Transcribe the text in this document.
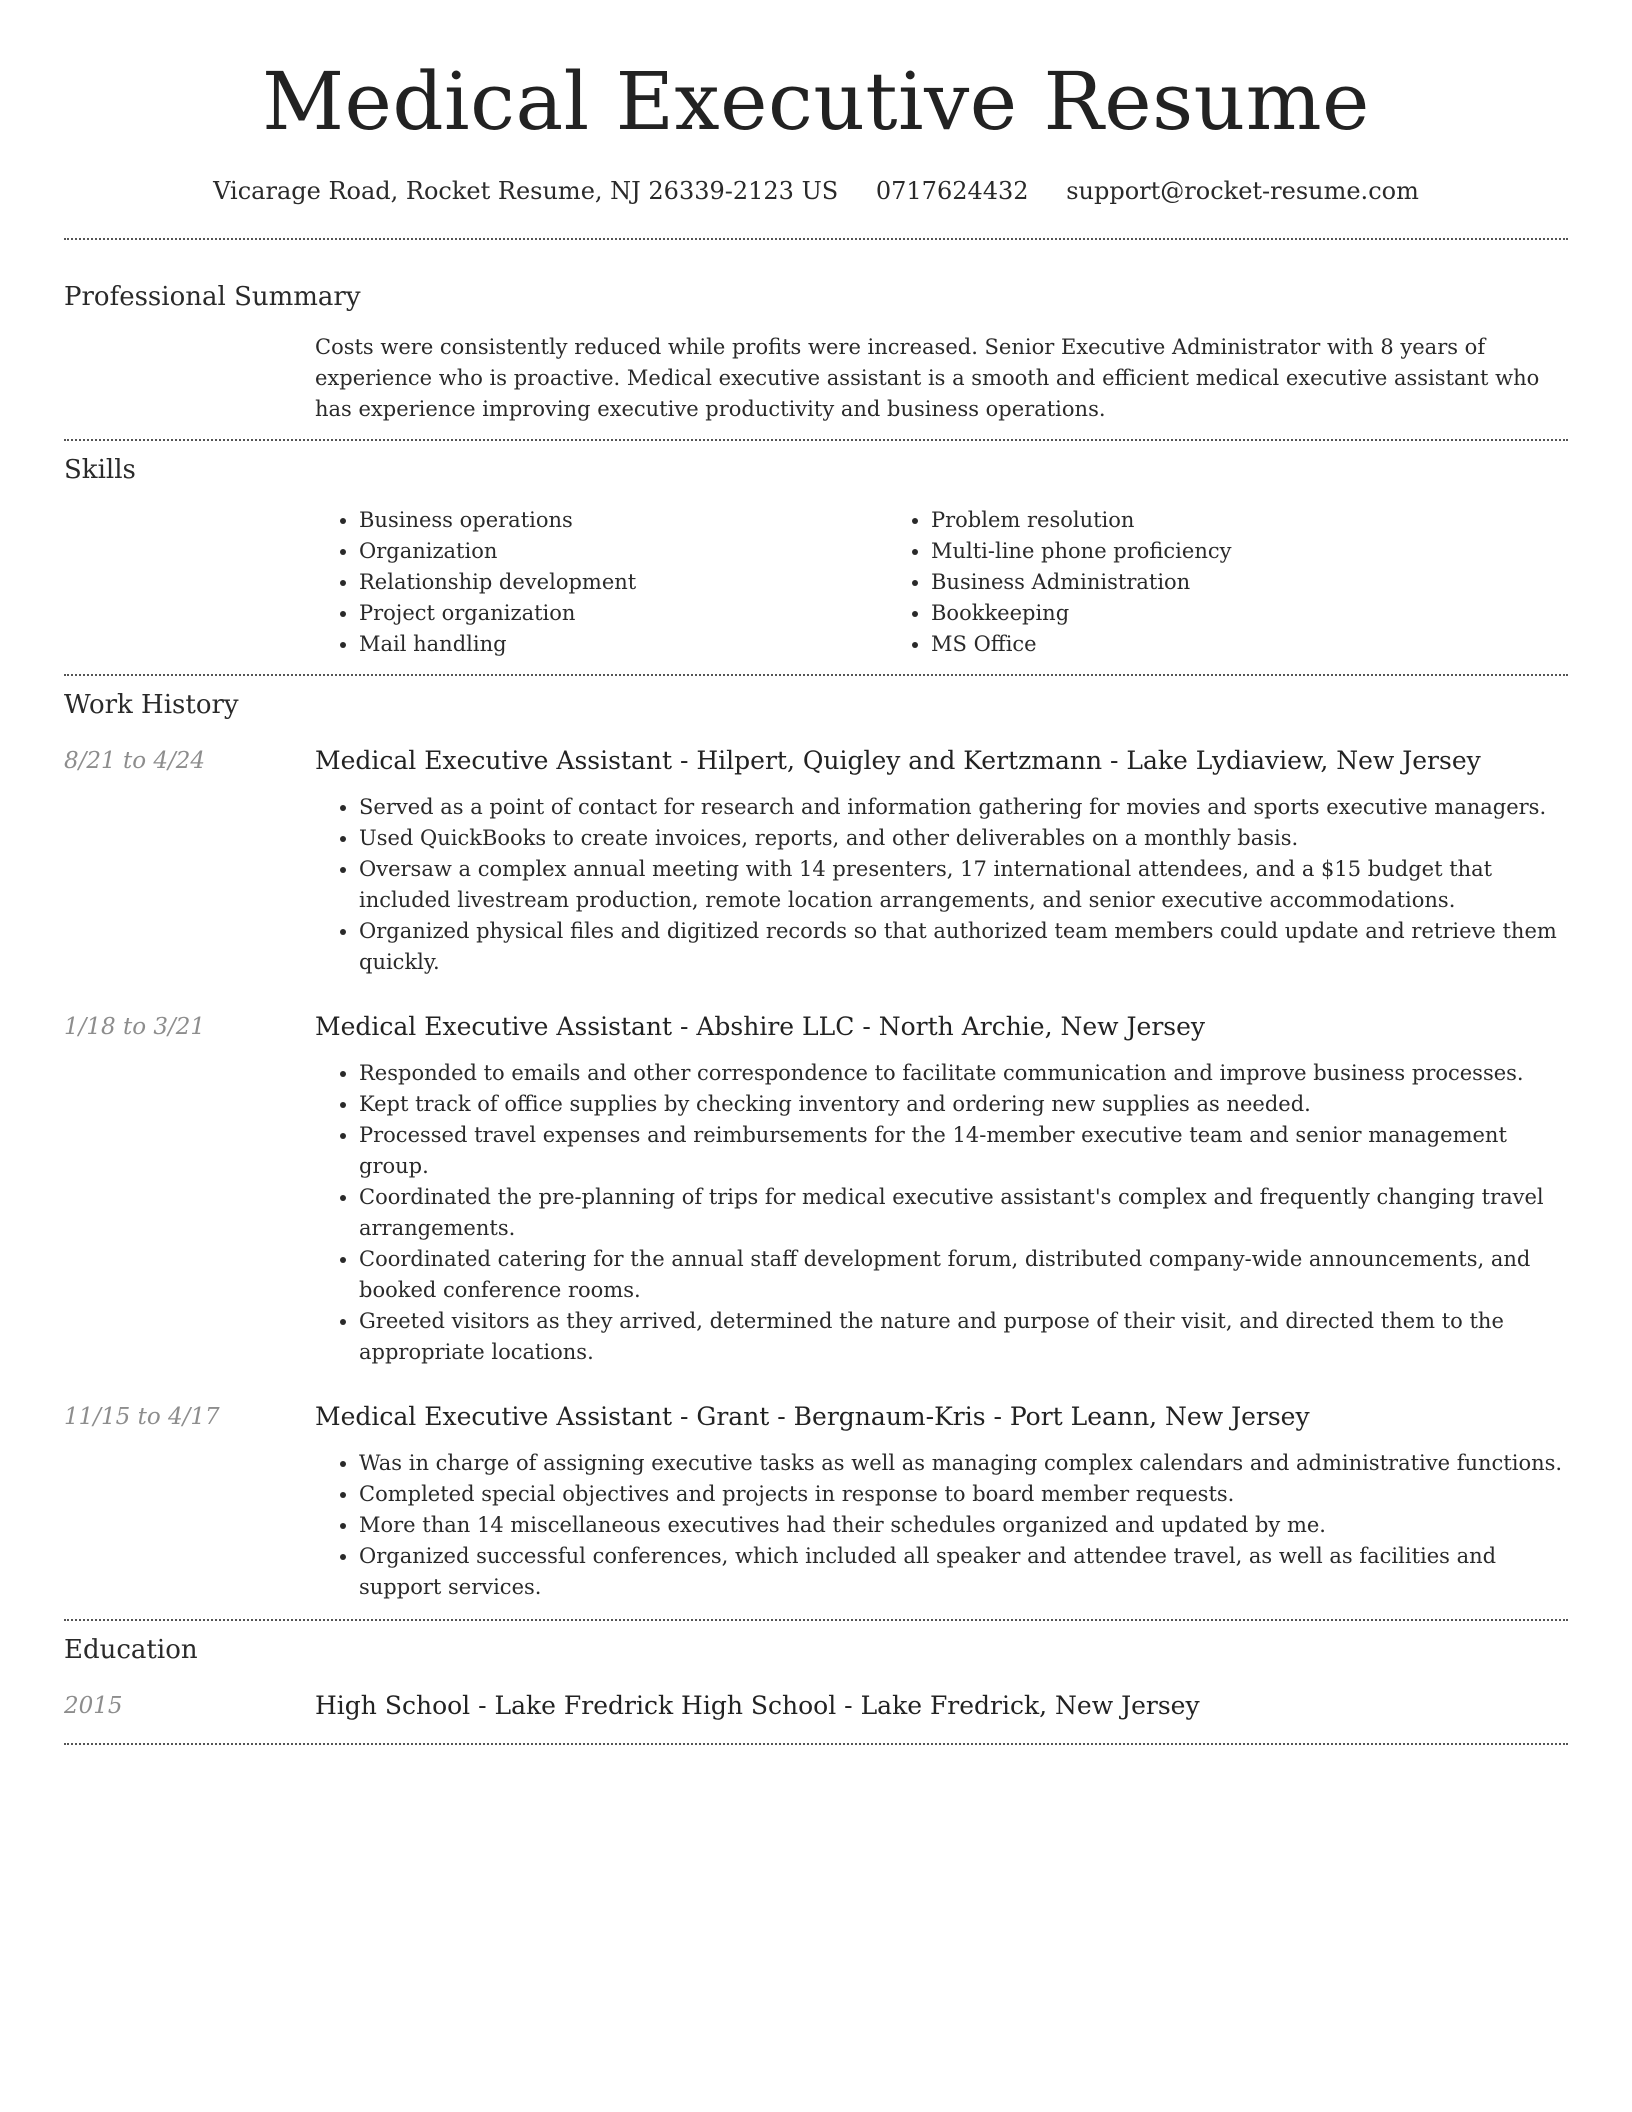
Medical Executive Resume
Vicarage Road, Rocket Resume, NJ 26339-2123 US 0717624432 support@rocket-resume.com
Professional Summary
Costs were consistently reduced while profits were increased. Senior Executive Administrator with 8 years of experience who is proactive. Medical executive assistant is a smooth and efficient medical executive assistant who has experience improving executive productivity and business operations.
Skills
• Business operations
• Organization
• Relationship development
• Project organization
• Mail handling
• Problem resolution
• Multi-line phone proficiency
• Business Administration
• Bookkeeping
• MS Office
Work History
8/21 to 4/24	Medical Executive Assistant - Hilpert, Quigley and Kertzmann - Lake Lydiaview, New Jersey
• Served as a point of contact for research and information gathering for movies and sports executive managers.
• Used QuickBooks to create invoices, reports, and other deliverables on a monthly basis.
• Oversaw a complex annual meeting with 14 presenters, 17 international attendees, and a $15 budget that included livestream production, remote location arrangements, and senior executive accommodations.
• Organized physical files and digitized records so that authorized team members could update and retrieve them quickly.
1/18 to 3/21	Medical Executive Assistant - Abshire LLC - North Archie, New Jersey
• Responded to emails and other correspondence to facilitate communication and improve business processes.
• Kept track of office supplies by checking inventory and ordering new supplies as needed.
• Processed travel expenses and reimbursements for the 14-member executive team and senior management group.
• Coordinated the pre-planning of trips for medical executive assistant's complex and frequently changing travel arrangements.
• Coordinated catering for the annual staff development forum, distributed company-wide announcements, and booked conference rooms.
• Greeted visitors as they arrived, determined the nature and purpose of their visit, and directed them to the appropriate locations.
11/15 to 4/17	Medical Executive Assistant - Grant - Bergnaum-Kris - Port Leann, New Jersey
• Was in charge of assigning executive tasks as well as managing complex calendars and administrative functions.
• Completed special objectives and projects in response to board member requests.
• More than 14 miscellaneous executives had their schedules organized and updated by me.
• Organized successful conferences, which included all speaker and attendee travel, as well as facilities and support services.
Education
2015	High School - Lake Fredrick High School - Lake Fredrick, New Jersey
